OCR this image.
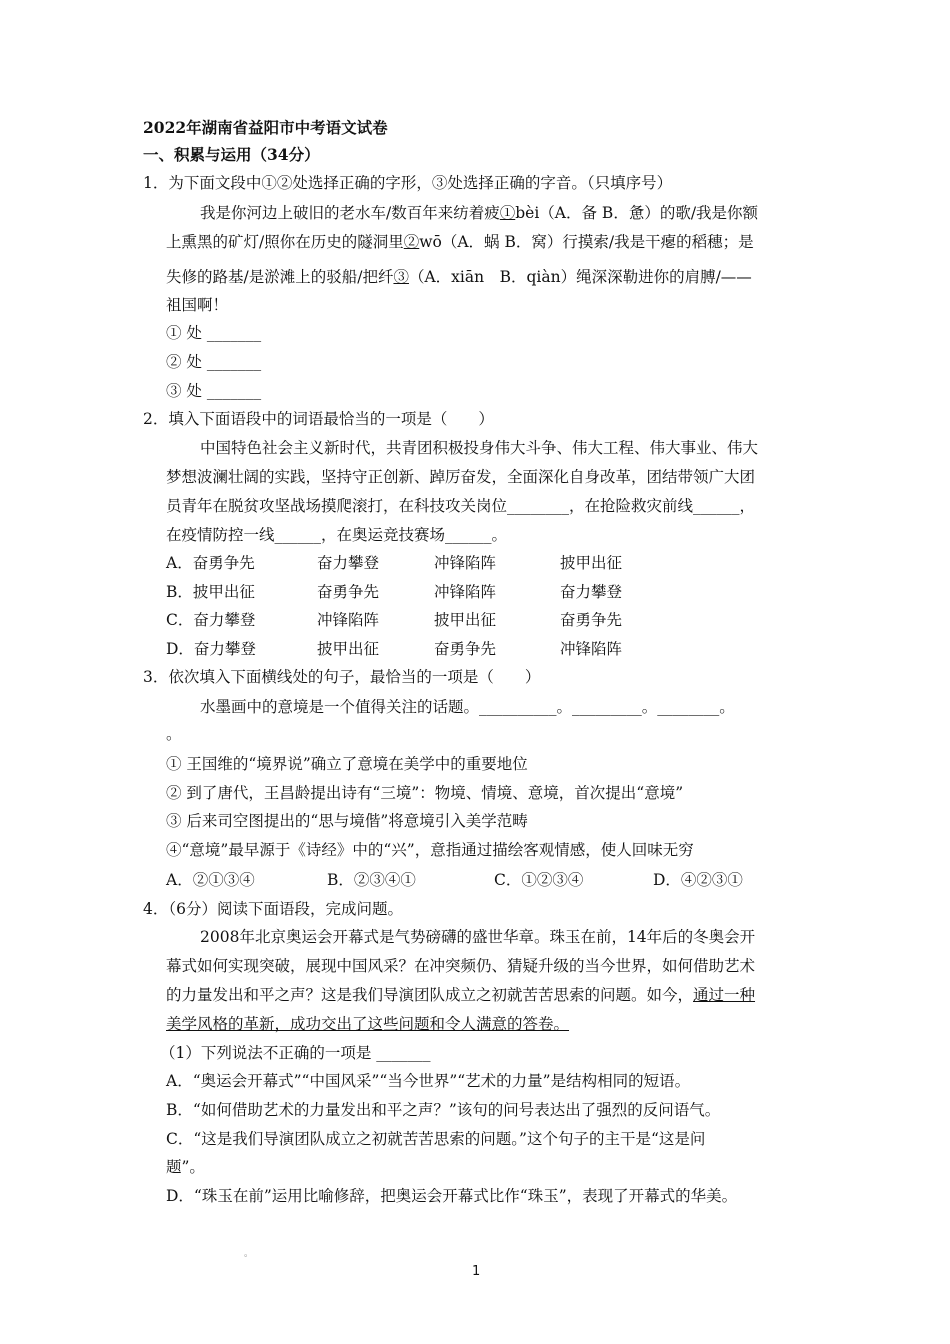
2022年湖南省益阳市中考语文试卷
一、积累与运用（34分）
1．为下面文段中①②处选择正确的字形，③处选择正确的字音。（只填序号）
我是你河边上破旧的老水车/数百年来纺着疲①bèi（A．备 B．惫）的歌/我是你额
上熏黑的矿灯/照你在历史的隧洞里②wō（A．蜗 B．窝）行摸索/我是干瘪的稻穗；是
失修的路基/是淤滩上的驳船/把纤③（A．xiān　B．qiàn）绳深深勒进你的肩膊/——
祖国啊！
① 处 _______
② 处 _______
③ 处 _______
2．填入下面语段中的词语最恰当的一项是（　　）
中国特色社会主义新时代，共青团积极投身伟大斗争、伟大工程、伟大事业、伟大
梦想波澜壮阔的实践，坚持守正创新、踔厉奋发，全面深化自身改革，团结带领广大团
员青年在脱贫攻坚战场摸爬滚打，在科技攻关岗位________，在抢险救灾前线______，
在疫情防控一线______，在奥运竞技赛场______。
A．奋勇争先	奋力攀登	冲锋陷阵	披甲出征
B．披甲出征	奋勇争先	冲锋陷阵	奋力攀登
C．奋力攀登	冲锋陷阵	披甲出征	奋勇争先
D．奋力攀登	披甲出征	奋勇争先	冲锋陷阵
3．依次填入下面横线处的句子，最恰当的一项是（　　）
水墨画中的意境是一个值得关注的话题。__________。_________。________。
。
① 王国维的“境界说”确立了意境在美学中的重要地位
② 到了唐代，王昌龄提出诗有“三境”：物境、情境、意境，首次提出“意境”
③ 后来司空图提出的“思与境偕”将意境引入美学范畴
④“意境”最早源于《诗经》中的“兴”，意指通过描绘客观情感，使人回味无穷
A．②①③④	B．②③④①	C．①②③④	D．④②③①
4．（6分）阅读下面语段，完成问题。
2008年北京奥运会开幕式是气势磅礴的盛世华章。珠玉在前，14年后的冬奥会开
幕式如何实现突破，展现中国风采？在冲突频仍、猜疑升级的当今世界，如何借助艺术
的力量发出和平之声？这是我们导演团队成立之初就苦苦思索的问题。如今，通过一种
美学风格的革新，成功交出了这些问题和令人满意的答卷。
（1）下列说法不正确的一项是 _______
A．“奥运会开幕式”“中国风采”“当今世界”“艺术的力量”是结构相同的短语。
B．“如何借助艺术的力量发出和平之声？”该句的问号表达出了强烈的反问语气。
C．“这是我们导演团队成立之初就苦苦思索的问题。”这个句子的主干是“这是问
题”。
D．“珠玉在前”运用比喻修辞，把奥运会开幕式比作“珠玉”，表现了开幕式的华美。
。
1
